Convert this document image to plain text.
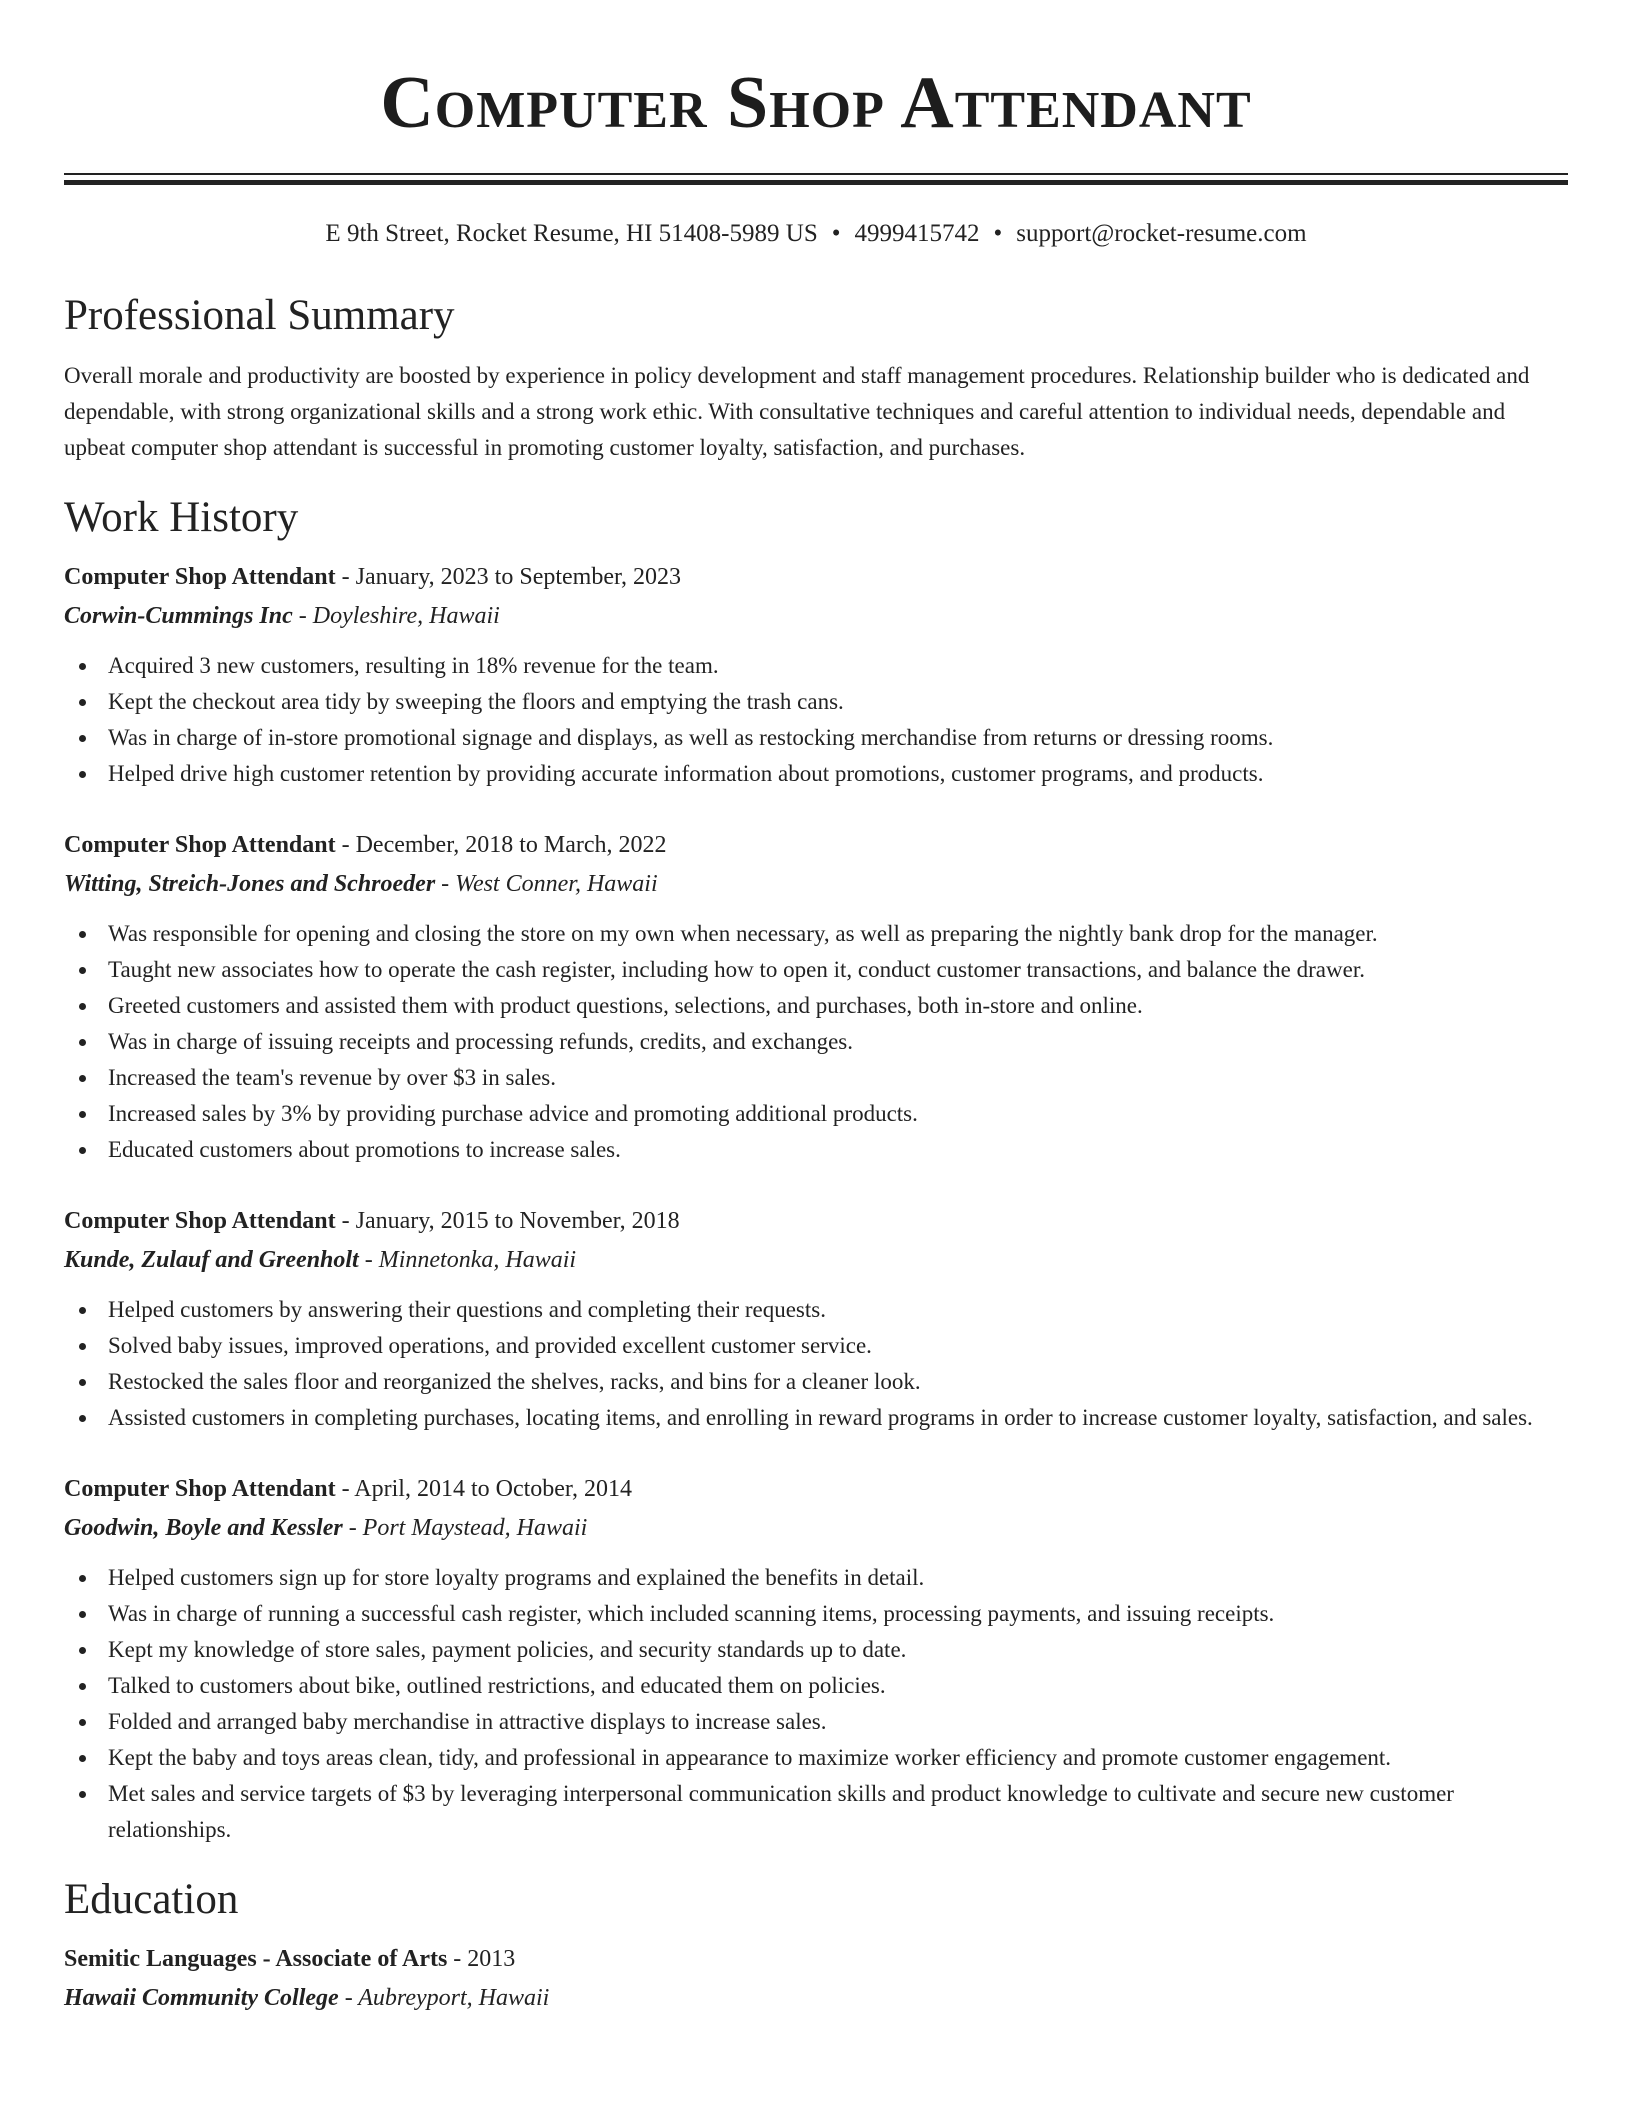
Computer Shop Attendant
E 9th Street, Rocket Resume, HI 51408-5989 US • 4999415742 • support@rocket-resume.com
Professional Summary
Overall morale and productivity are boosted by experience in policy development and staff management procedures. Relationship builder who is dedicated and dependable, with strong organizational skills and a strong work ethic. With consultative techniques and careful attention to individual needs, dependable and upbeat computer shop attendant is successful in promoting customer loyalty, satisfaction, and purchases.
Work History
Computer Shop Attendant - January, 2023 to September, 2023
Corwin-Cummings Inc - Doyleshire, Hawaii
Acquired 3 new customers, resulting in 18% revenue for the team.
Kept the checkout area tidy by sweeping the floors and emptying the trash cans.
Was in charge of in-store promotional signage and displays, as well as restocking merchandise from returns or dressing rooms.
Helped drive high customer retention by providing accurate information about promotions, customer programs, and products.
Computer Shop Attendant - December, 2018 to March, 2022
Witting, Streich-Jones and Schroeder - West Conner, Hawaii
Was responsible for opening and closing the store on my own when necessary, as well as preparing the nightly bank drop for the manager.
Taught new associates how to operate the cash register, including how to open it, conduct customer transactions, and balance the drawer.
Greeted customers and assisted them with product questions, selections, and purchases, both in-store and online.
Was in charge of issuing receipts and processing refunds, credits, and exchanges.
Increased the team's revenue by over $3 in sales.
Increased sales by 3% by providing purchase advice and promoting additional products.
Educated customers about promotions to increase sales.
Computer Shop Attendant - January, 2015 to November, 2018
Kunde, Zulauf and Greenholt - Minnetonka, Hawaii
Helped customers by answering their questions and completing their requests.
Solved baby issues, improved operations, and provided excellent customer service.
Restocked the sales floor and reorganized the shelves, racks, and bins for a cleaner look.
Assisted customers in completing purchases, locating items, and enrolling in reward programs in order to increase customer loyalty, satisfaction, and sales.
Computer Shop Attendant - April, 2014 to October, 2014
Goodwin, Boyle and Kessler - Port Maystead, Hawaii
Helped customers sign up for store loyalty programs and explained the benefits in detail.
Was in charge of running a successful cash register, which included scanning items, processing payments, and issuing receipts.
Kept my knowledge of store sales, payment policies, and security standards up to date.
Talked to customers about bike, outlined restrictions, and educated them on policies.
Folded and arranged baby merchandise in attractive displays to increase sales.
Kept the baby and toys areas clean, tidy, and professional in appearance to maximize worker efficiency and promote customer engagement.
Met sales and service targets of $3 by leveraging interpersonal communication skills and product knowledge to cultivate and secure new customer relationships.
Education
Semitic Languages - Associate of Arts - 2013
Hawaii Community College - Aubreyport, Hawaii
